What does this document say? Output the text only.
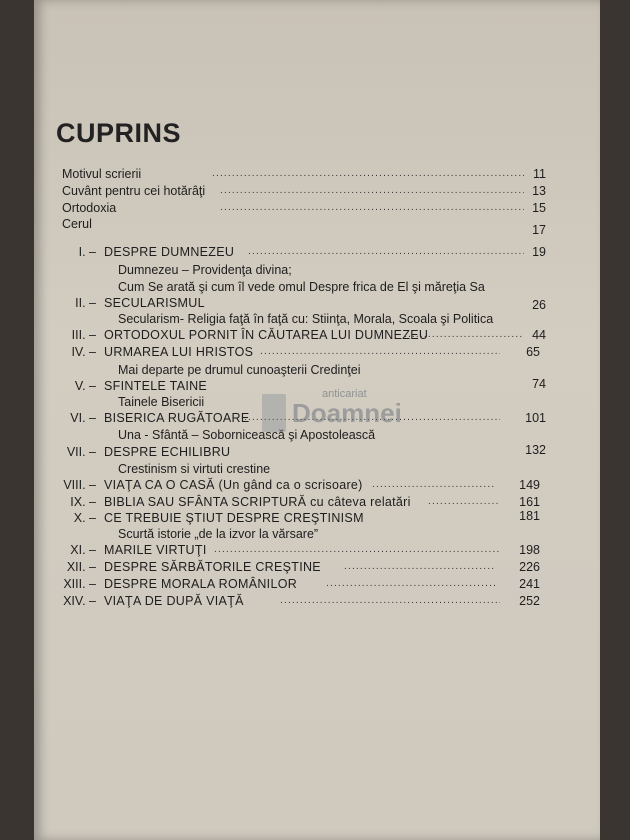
CUPRINS
Motivul scrierii .....	11
Cuvânt pentru cei hotărâţi .....	13
Ortodoxia .....	15
Cerul	17
I. – DESPRE DUMNEZEU .....	19
Dumnezeu – Providenţa divina;
Cum Se arată şi cum îl vede omul Despre frica de El şi măreţia Sa
II. – SECULARISMUL	26
Secularism- Religia faţă în faţă cu: Stiinţa, Morala, Scoala şi Politica
III. – ORTODOXUL PORNIT ÎN CĂUTAREA LUI DUMNEZEU .....	44
IV. – URMAREA LUI HRISTOS .....	65
Mai departe pe drumul cunoaşterii Credinţei
V. – SFINTELE TAINE	74
Tainele Bisericii
VI. – BISERICA RUGĂTOARE .....	101
Una - Sfântă – Sobornicească şi Apostolească
VII. – DESPRE ECHILIBRU	132
Crestinism si virtuti crestine
VIII. – VIAŢA CA O CASĂ (Un gând ca o scrisoare) .....	149
IX. – BIBLIA SAU SFÂNTA SCRIPTURĂ cu câteva relatări .....	161
X. – CE TREBUIE ŞTIUT DESPRE CREŞTINISM	181
Scurtă istorie „de la izvor la vărsare”
XI. – MARILE VIRTUŢI .....	198
XII. – DESPRE SĂRBĂTORILE CREŞTINE .....	226
XIII. – DESPRE MORALA ROMÂNILOR .....	241
XIV. – VIAŢA DE DUPĂ VIAŢĂ .....	252
anticariat
Doamnei
